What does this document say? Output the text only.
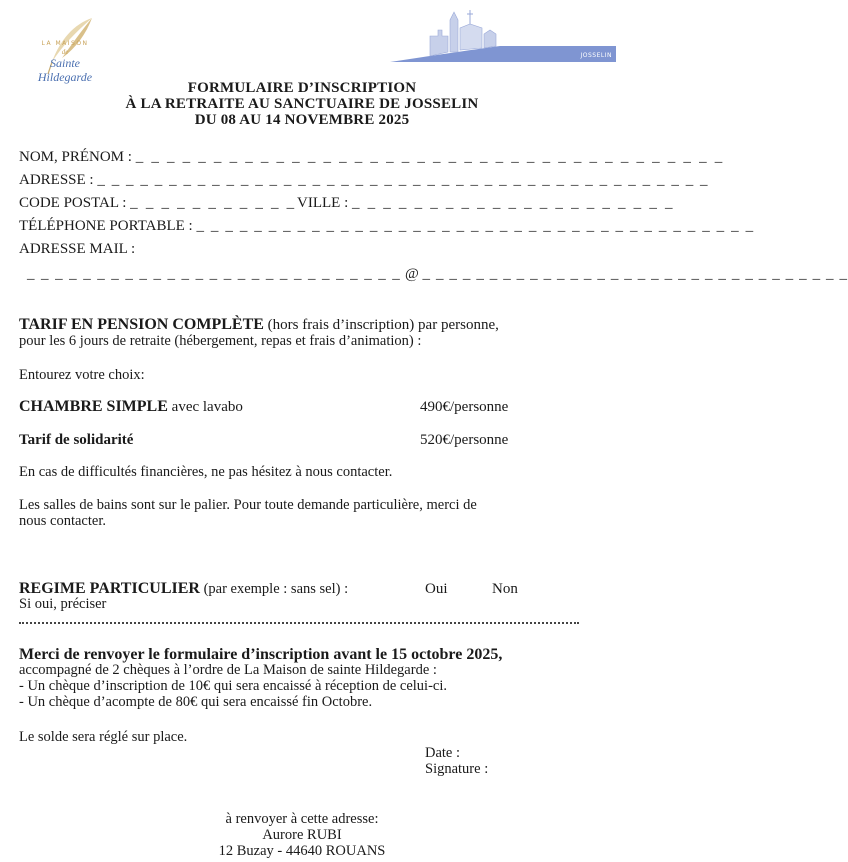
LA MAISON
de
Sainte
Hildegarde
Notre-Dame du Roncier
JOSSELIN
FORMULAIRE D’INSCRIPTION
À LA RETRAITE AU SANCTUAIRE DE JOSSELIN
DU 08 AU 14 NOVEMBRE 2025
NOM, PRÉNOM : _ _ _ _ _ _ _ _ _ _ _ _ _ _ _ _ _ _ _ _ _ _ _ _ _ _ _ _ _ _ _ _ _ _ _ _ _ _
ADRESSE : _ _ _ _ _ _ _ _ _ _ _ _ _ _ _ _ _ _ _ _ _ _ _ _ _ _ _ _ _ _ _ _ _ _ _ _ _ _ _ _ _ _ _
CODE POSTAL : _ _ _ _ _ _ _ _ _ _ _ VILLE : _ _ _ _ _ _ _ _ _ _ _ _ _ _ _ _ _ _ _ _ _
TÉLÉPHONE PORTABLE : _ _ _ _ _ _ _ _ _ _ _ _ _ _ _ _ _ _ _ _ _ _ _ _ _ _ _ _ _ _ _ _ _ _ _ _ _ _ _
ADRESSE MAIL :
_ _ _ _ _ _ _ _ _ _ _ _ _ _ _ _ _ _ _ _ _ _ _ _ _ _ _ @ _ _ _ _ _ _ _ _ _ _ _ _ _ _ _ _ _ _ _ _ _ _ _ _ _ _ _ _ _ _ _ _
TARIF EN PENSION COMPLÈTE (hors frais d’inscription) par personne,
pour les 6 jours de retraite (hébergement, repas et frais d’animation) :
Entourez votre choix:
CHAMBRE SIMPLE avec lavabo	490€/personne
Tarif de solidarité	520€/personne
En cas de difficultés financières, ne pas hésitez à nous contacter.
Les salles de bains sont sur le palier. Pour toute demande particulière, merci de
nous contacter.
REGIME PARTICULIER (par exemple : sans sel) :	Oui	Non
Si oui, préciser
Merci de renvoyer le formulaire d’inscription avant le 15 octobre 2025,
accompagné de 2 chèques à l’ordre de La Maison de sainte Hildegarde :
- Un chèque d’inscription de 10€ qui sera encaissé à réception de celui-ci.
- Un chèque d’acompte de 80€ qui sera encaissé fin Octobre.
Le solde sera réglé sur place.
Date :
Signature :
à renvoyer à cette adresse:
Aurore RUBI
12 Buzay - 44640 ROUANS
